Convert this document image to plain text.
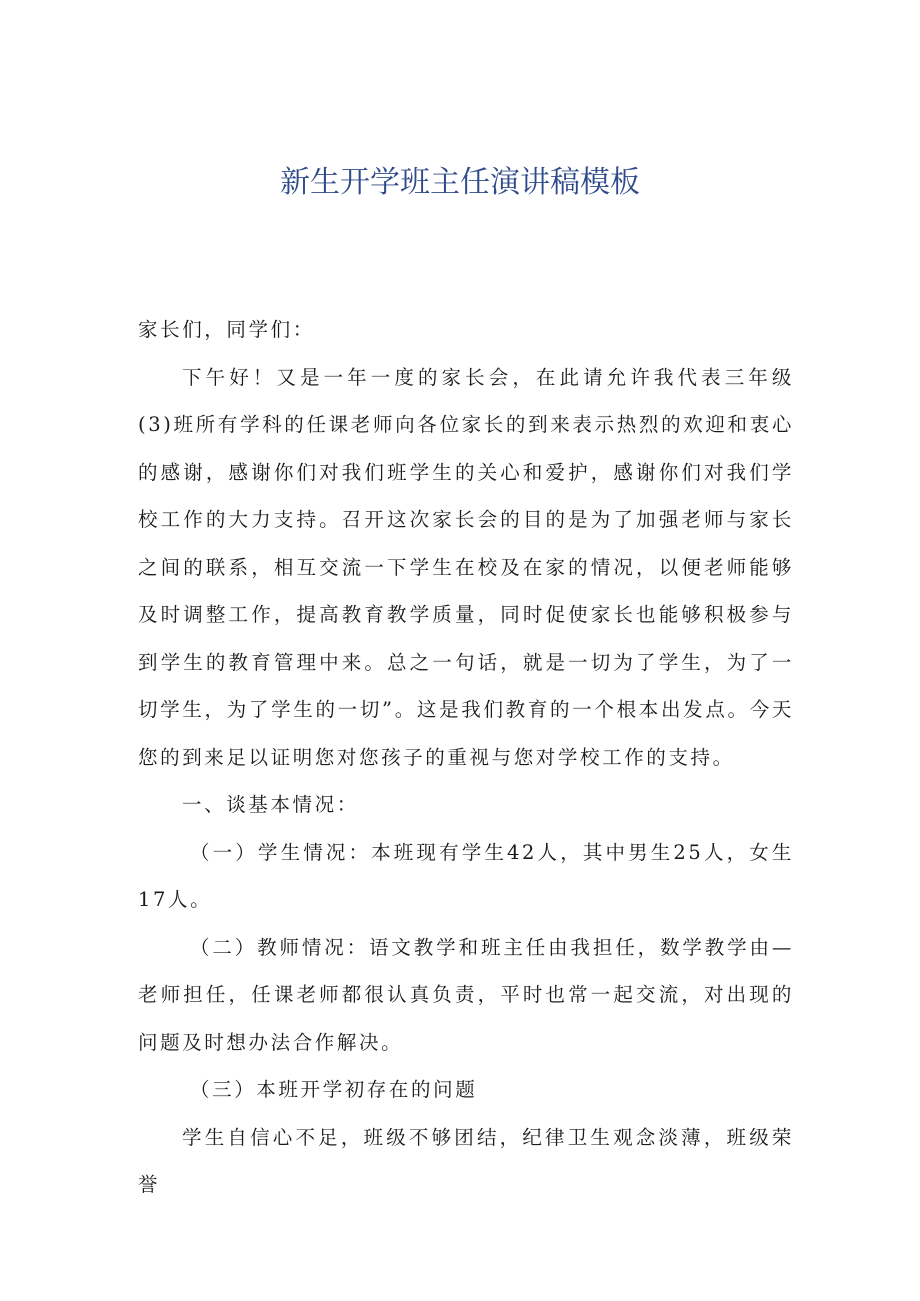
新生开学班主任演讲稿模板

家长们，同学们：

下午好！又是一年一度的家长会，在此请允许我代表三年级 (3)班所有学科的任课老师向各位家长的到来表示热烈的欢迎和衷心的感谢，感谢你们对我们班学生的关心和爱护，感谢你们对我们学校工作的大力支持。召开这次家长会的目的是为了加强老师与家长之间的联系，相互交流一下学生在校及在家的情况，以便老师能够及时调整工作，提高教育教学质量，同时促使家长也能够积极参与到学生的教育管理中来。总之一句话，就是一切为了学生，为了一切学生，为了学生的一切”。这是我们教育的一个根本出发点。今天您的到来足以证明您对您孩子的重视与您对学校工作的支持。

一、谈基本情况：

（一）学生情况：本班现有学生42人，其中男生25人，女生17人。

（二）教师情况：语文教学和班主任由我担任，数学教学由—老师担任，任课老师都很认真负责，平时也常一起交流，对出现的问题及时想办法合作解决。

（三）本班开学初存在的问题

学生自信心不足，班级不够团结，纪律卫生观念淡薄，班级荣誉
